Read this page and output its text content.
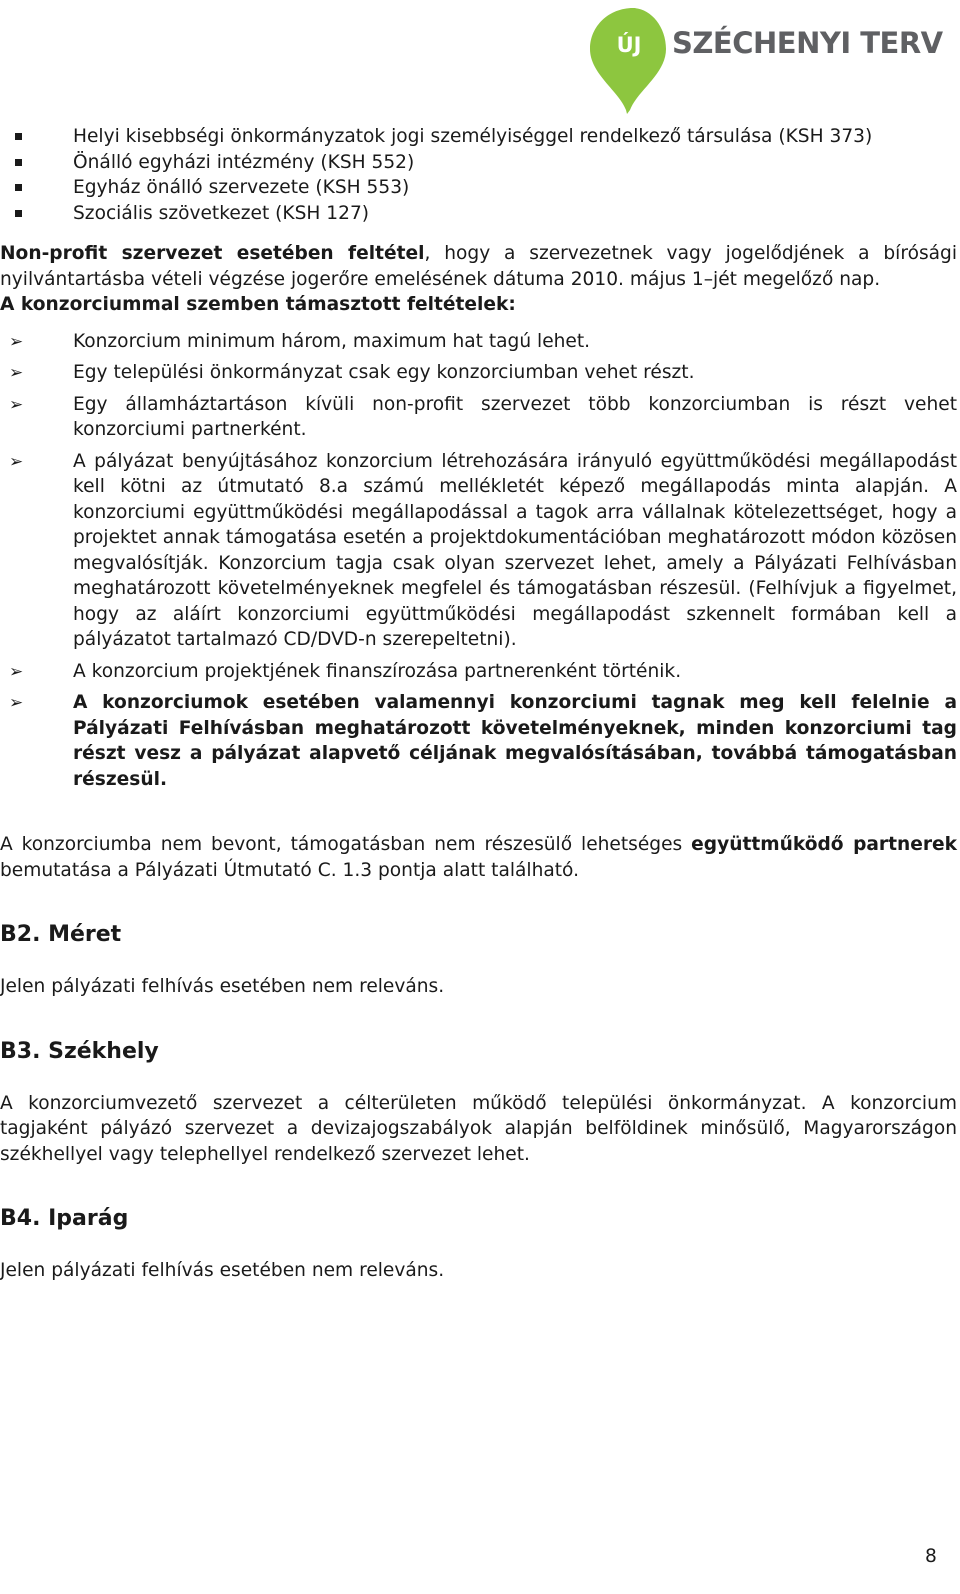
ÚJ	SZÉCHENYI TERV
Helyi kisebbségi önkormányzatok jogi személyiséggel rendelkező társulása (KSH 373)
Önálló egyházi intézmény (KSH 552)
Egyház önálló szervezete (KSH 553)
Szociális szövetkezet (KSH 127)

Non-profit szervezet esetében feltétel, hogy a szervezetnek vagy jogelődjének a bírósági nyilvántartásba vételi végzése jogerőre emelésének dátuma 2010. május 1–jét megelőző nap.

A konzorciummal szemben támasztott feltételek:
➢	Konzorcium minimum három, maximum hat tagú lehet.
➢	Egy települési önkormányzat csak egy konzorciumban vehet részt.
➢	Egy államháztartáson kívüli non-profit szervezet több konzorciumban is részt vehet konzorciumi partnerként.
➢	A pályázat benyújtásához konzorcium létrehozására irányuló együttműködési megállapodást kell kötni az útmutató 8.a számú mellékletét képező megállapodás minta alapján. A konzorciumi együttműködési megállapodással a tagok arra vállalnak kötelezettséget, hogy a projektet annak támogatása esetén a projektdokumentációban meghatározott módon közösen megvalósítják. Konzorcium tagja csak olyan szervezet lehet, amely a Pályázati Felhívásban meghatározott követelményeknek megfelel és támogatásban részesül. (Felhívjuk a figyelmet, hogy az aláírt konzorciumi együttműködési megállapodást szkennelt formában kell a pályázatot tartalmazó CD/DVD-n szerepeltetni).
➢	A konzorcium projektjének finanszírozása partnerenként történik.
➢	A konzorciumok esetében valamennyi konzorciumi tagnak meg kell felelnie a Pályázati Felhívásban meghatározott követelményeknek, minden konzorciumi tag részt vesz a pályázat alapvető céljának megvalósításában, továbbá támogatásban részesül.

A konzorciumba nem bevont, támogatásban nem részesülő lehetséges együttműködő partnerek bemutatása a Pályázati Útmutató C. 1.3 pontja alatt található.

B2. Méret

Jelen pályázati felhívás esetében nem releváns.

B3. Székhely

A konzorciumvezető szervezet a célterületen működő települési önkormányzat. A konzorcium tagjaként pályázó szervezet a devizajogszabályok alapján belföldinek minősülő, Magyarországon székhellyel vagy telephellyel rendelkező szervezet lehet.

B4. Iparág

Jelen pályázati felhívás esetében nem releváns.

8
